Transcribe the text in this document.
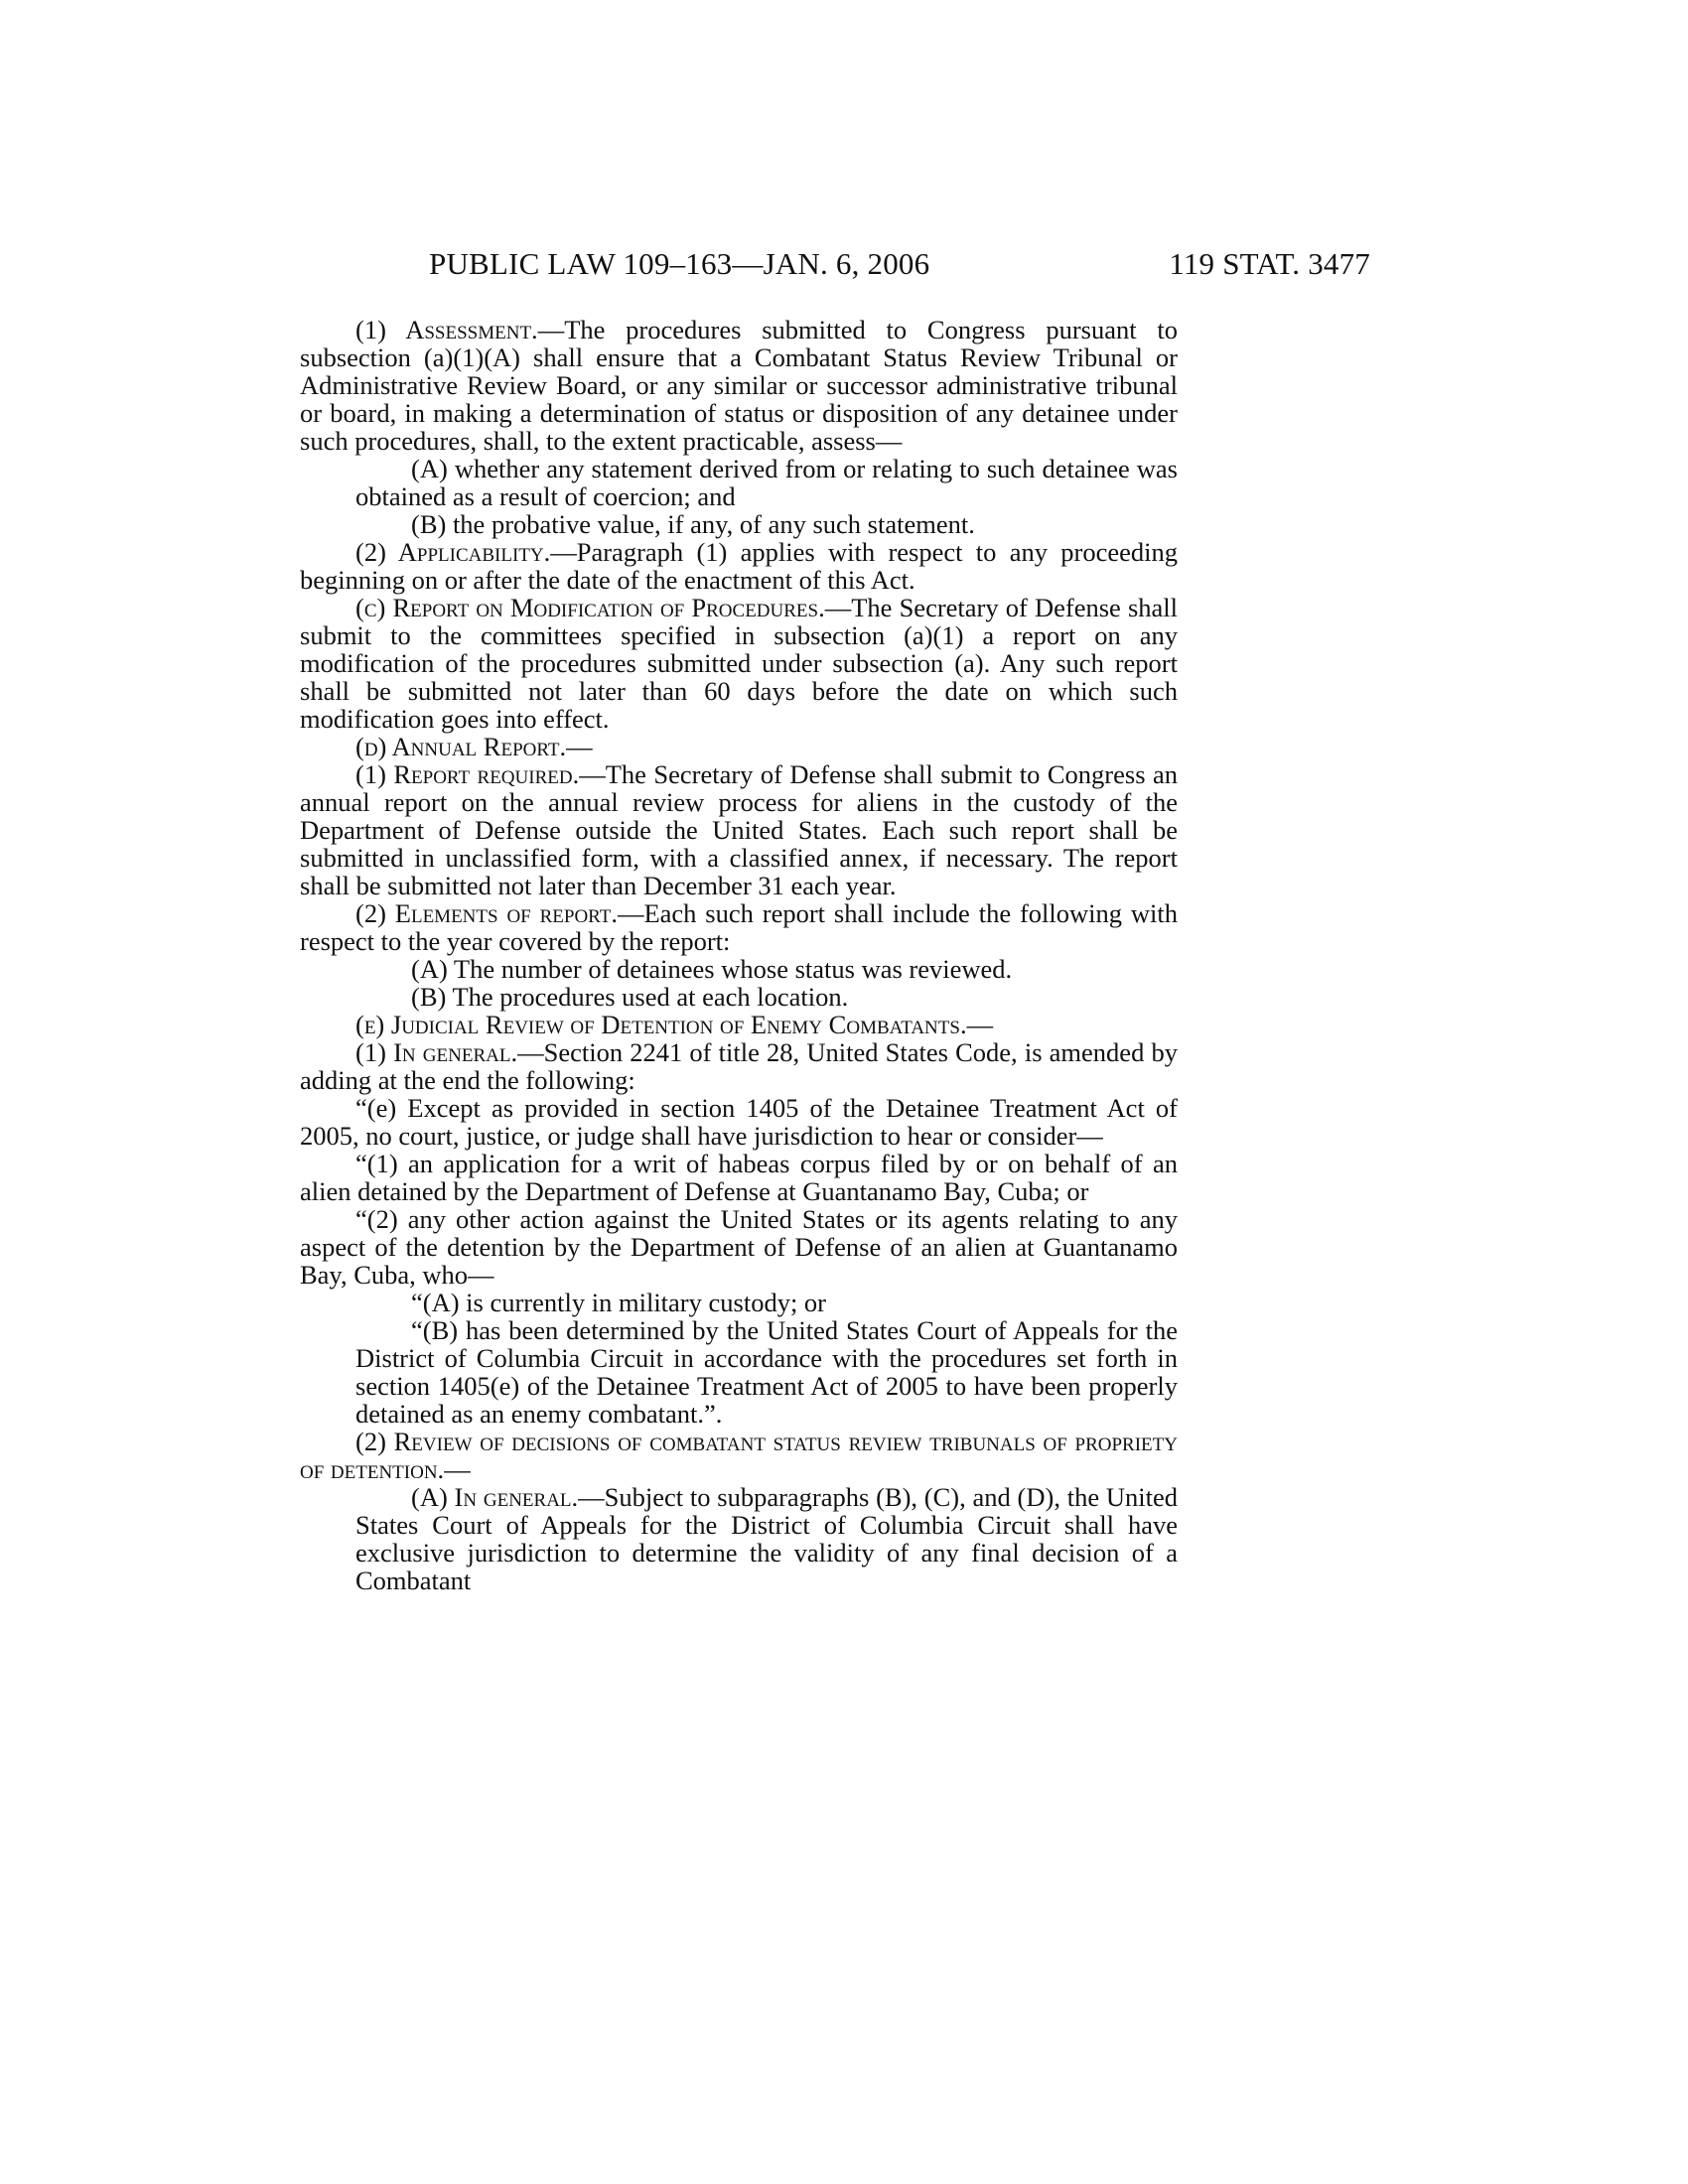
PUBLIC LAW 109–163—JAN. 6, 2006	119 STAT. 3477

(1) Assessment.—The procedures submitted to Congress pursuant to subsection (a)(1)(A) shall ensure that a Combatant Status Review Tribunal or Administrative Review Board, or any similar or successor administrative tribunal or board, in making a determination of status or disposition of any detainee under such procedures, shall, to the extent practicable, assess—

(A) whether any statement derived from or relating to such detainee was obtained as a result of coercion; and

(B) the probative value, if any, of any such statement.

(2) Applicability.—Paragraph (1) applies with respect to any proceeding beginning on or after the date of the enactment of this Act.

(c) Report on Modification of Procedures.—The Secretary of Defense shall submit to the committees specified in subsection (a)(1) a report on any modification of the procedures submitted under subsection (a). Any such report shall be submitted not later than 60 days before the date on which such modification goes into effect.

(d) Annual Report.—

(1) Report required.—The Secretary of Defense shall submit to Congress an annual report on the annual review process for aliens in the custody of the Department of Defense outside the United States. Each such report shall be submitted in unclassified form, with a classified annex, if necessary. The report shall be submitted not later than December 31 each year.

(2) Elements of report.—Each such report shall include the following with respect to the year covered by the report:

(A) The number of detainees whose status was reviewed.

(B) The procedures used at each location.

(e) Judicial Review of Detention of Enemy Combatants.—

(1) In general.—Section 2241 of title 28, United States Code, is amended by adding at the end the following:

“(e) Except as provided in section 1405 of the Detainee Treatment Act of 2005, no court, justice, or judge shall have jurisdiction to hear or consider—

“(1) an application for a writ of habeas corpus filed by or on behalf of an alien detained by the Department of Defense at Guantanamo Bay, Cuba; or

“(2) any other action against the United States or its agents relating to any aspect of the detention by the Department of Defense of an alien at Guantanamo Bay, Cuba, who—

“(A) is currently in military custody; or

“(B) has been determined by the United States Court of Appeals for the District of Columbia Circuit in accordance with the procedures set forth in section 1405(e) of the Detainee Treatment Act of 2005 to have been properly detained as an enemy combatant.”.

(2) Review of decisions of combatant status review tribunals of propriety of detention.—

(A) In general.—Subject to subparagraphs (B), (C), and (D), the United States Court of Appeals for the District of Columbia Circuit shall have exclusive jurisdiction to determine the validity of any final decision of a Combatant
